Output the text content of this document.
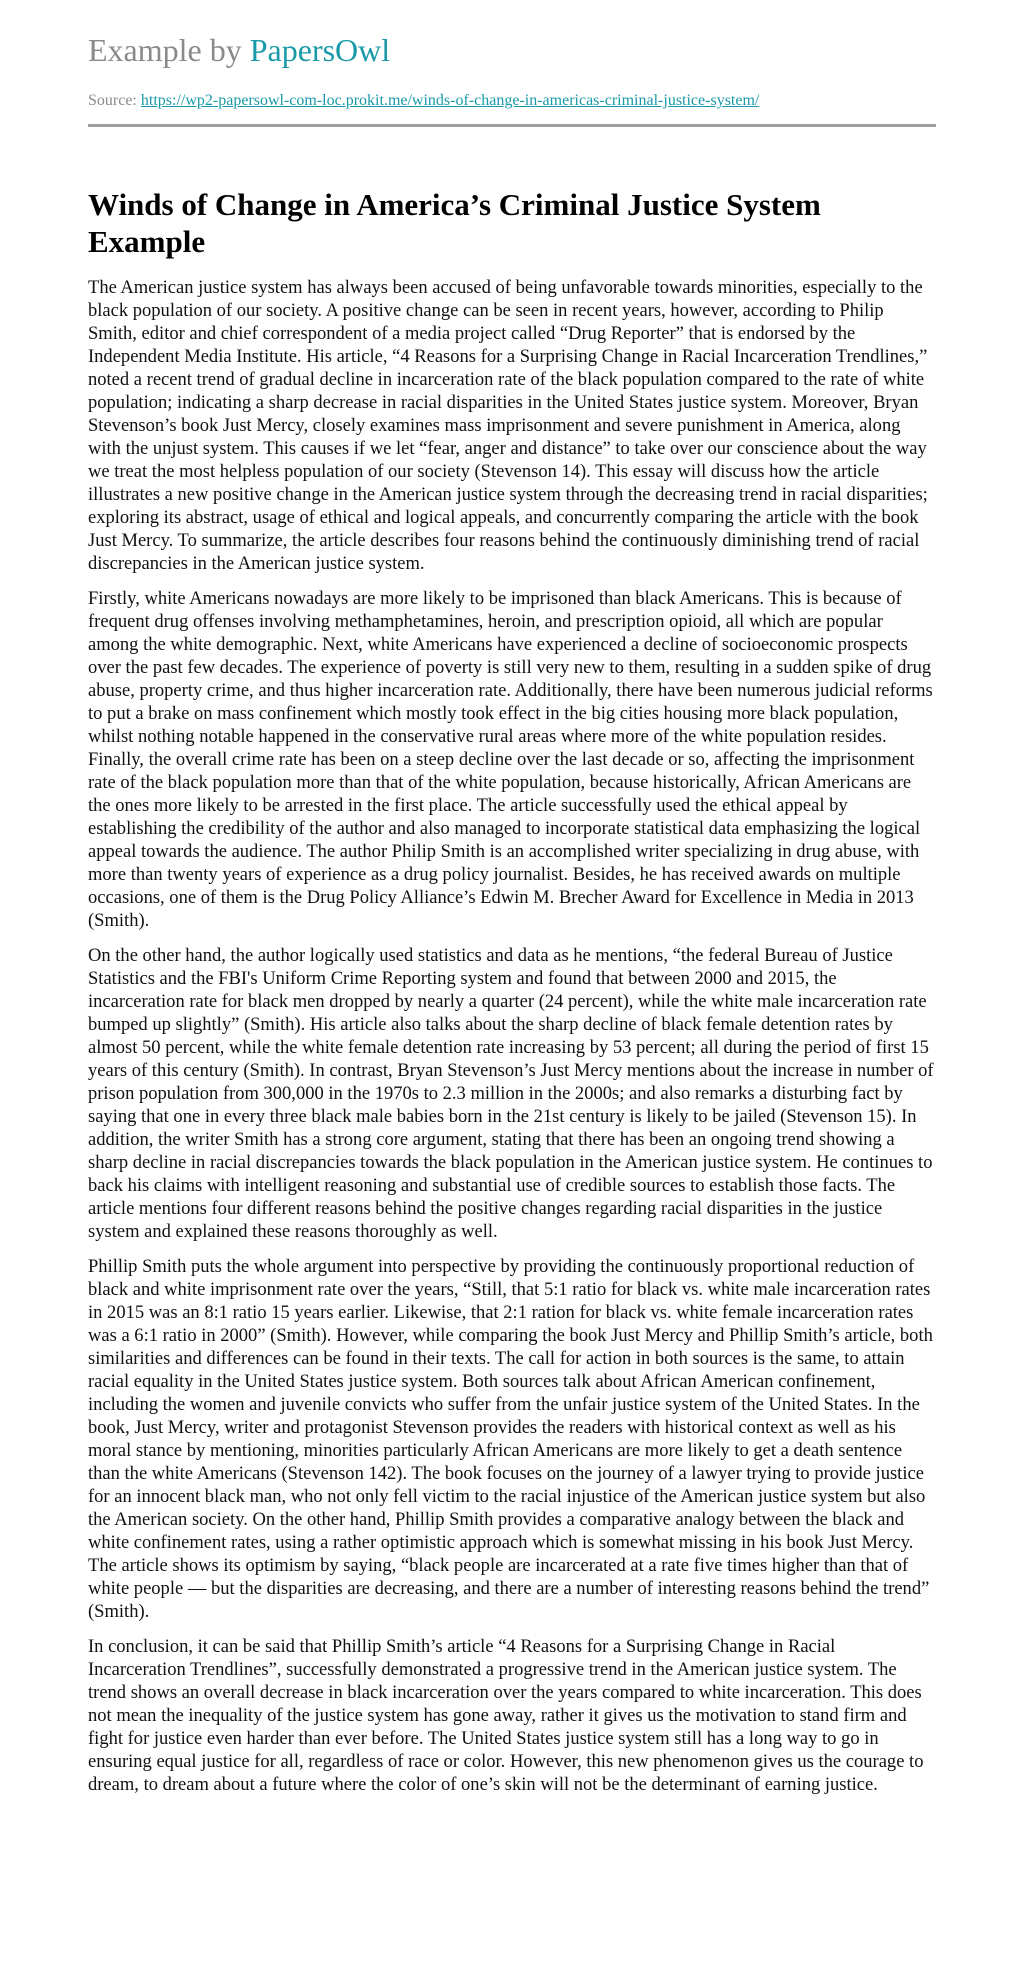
Example by PapersOwl

Source: https://wp2-papersowl-com-loc.prokit.me/winds-of-change-in-americas-criminal-justice-system/
Winds of Change in America’s Criminal Justice System Example

The American justice system has always been accused of being unfavorable towards minorities, especially to the black population of our society. A positive change can be seen in recent years, however, according to Philip Smith, editor and chief correspondent of a media project called “Drug Reporter” that is endorsed by the Independent Media Institute. His article, “4 Reasons for a Surprising Change in Racial Incarceration Trendlines,” noted a recent trend of gradual decline in incarceration rate of the black population compared to the rate of white population; indicating a sharp decrease in racial disparities in the United States justice system. Moreover, Bryan Stevenson’s book Just Mercy, closely examines mass imprisonment and severe punishment in America, along with the unjust system. This causes if we let “fear, anger and distance” to take over our conscience about the way we treat the most helpless population of our society (Stevenson 14). This essay will discuss how the article illustrates a new positive change in the American justice system through the decreasing trend in racial disparities; exploring its abstract, usage of ethical and logical appeals, and concurrently comparing the article with the book Just Mercy. To summarize, the article describes four reasons behind the continuously diminishing trend of racial discrepancies in the American justice system.

Firstly, white Americans nowadays are more likely to be imprisoned than black Americans. This is because of frequent drug offenses involving methamphetamines, heroin, and prescription opioid, all which are popular among the white demographic. Next, white Americans have experienced a decline of socioeconomic prospects over the past few decades. The experience of poverty is still very new to them, resulting in a sudden spike of drug abuse, property crime, and thus higher incarceration rate. Additionally, there have been numerous judicial reforms to put a brake on mass confinement which mostly took effect in the big cities housing more black population, whilst nothing notable happened in the conservative rural areas where more of the white population resides. Finally, the overall crime rate has been on a steep decline over the last decade or so, affecting the imprisonment rate of the black population more than that of the white population, because historically, African Americans are the ones more likely to be arrested in the first place. The article successfully used the ethical appeal by establishing the credibility of the author and also managed to incorporate statistical data emphasizing the logical appeal towards the audience. The author Philip Smith is an accomplished writer specializing in drug abuse, with more than twenty years of experience as a drug policy journalist. Besides, he has received awards on multiple occasions, one of them is the Drug Policy Alliance’s Edwin M. Brecher Award for Excellence in Media in 2013 (Smith).

On the other hand, the author logically used statistics and data as he mentions, “the federal Bureau of Justice Statistics and the FBI's Uniform Crime Reporting system and found that between 2000 and 2015, the incarceration rate for black men dropped by nearly a quarter (24 percent), while the white male incarceration rate bumped up slightly” (Smith). His article also talks about the sharp decline of black female detention rates by almost 50 percent, while the white female detention rate increasing by 53 percent; all during the period of first 15 years of this century (Smith). In contrast, Bryan Stevenson’s Just Mercy mentions about the increase in number of prison population from 300,000 in the 1970s to 2.3 million in the 2000s; and also remarks a disturbing fact by saying that one in every three black male babies born in the 21st century is likely to be jailed (Stevenson 15). In addition, the writer Smith has a strong core argument, stating that there has been an ongoing trend showing a sharp decline in racial discrepancies towards the black population in the American justice system. He continues to back his claims with intelligent reasoning and substantial use of credible sources to establish those facts. The article mentions four different reasons behind the positive changes regarding racial disparities in the justice system and explained these reasons thoroughly as well.

Phillip Smith puts the whole argument into perspective by providing the continuously proportional reduction of black and white imprisonment rate over the years, “Still, that 5:1 ratio for black vs. white male incarceration rates in 2015 was an 8:1 ratio 15 years earlier. Likewise, that 2:1 ration for black vs. white female incarceration rates was a 6:1 ratio in 2000” (Smith). However, while comparing the book Just Mercy and Phillip Smith’s article, both similarities and differences can be found in their texts. The call for action in both sources is the same, to attain racial equality in the United States justice system. Both sources talk about African American confinement, including the women and juvenile convicts who suffer from the unfair justice system of the United States. In the book, Just Mercy, writer and protagonist Stevenson provides the readers with historical context as well as his moral stance by mentioning, minorities particularly African Americans are more likely to get a death sentence than the white Americans (Stevenson 142). The book focuses on the journey of a lawyer trying to provide justice for an innocent black man, who not only fell victim to the racial injustice of the American justice system but also the American society. On the other hand, Phillip Smith provides a comparative analogy between the black and white confinement rates, using a rather optimistic approach which is somewhat missing in his book Just Mercy. The article shows its optimism by saying, “black people are incarcerated at a rate five times higher than that of white people — but the disparities are decreasing, and there are a number of interesting reasons behind the trend” (Smith).

In conclusion, it can be said that Phillip Smith’s article “4 Reasons for a Surprising Change in Racial Incarceration Trendlines”, successfully demonstrated a progressive trend in the American justice system. The trend shows an overall decrease in black incarceration over the years compared to white incarceration. This does not mean the inequality of the justice system has gone away, rather it gives us the motivation to stand firm and fight for justice even harder than ever before. The United States justice system still has a long way to go in ensuring equal justice for all, regardless of race or color. However, this new phenomenon gives us the courage to dream, to dream about a future where the color of one’s skin will not be the determinant of earning justice.
